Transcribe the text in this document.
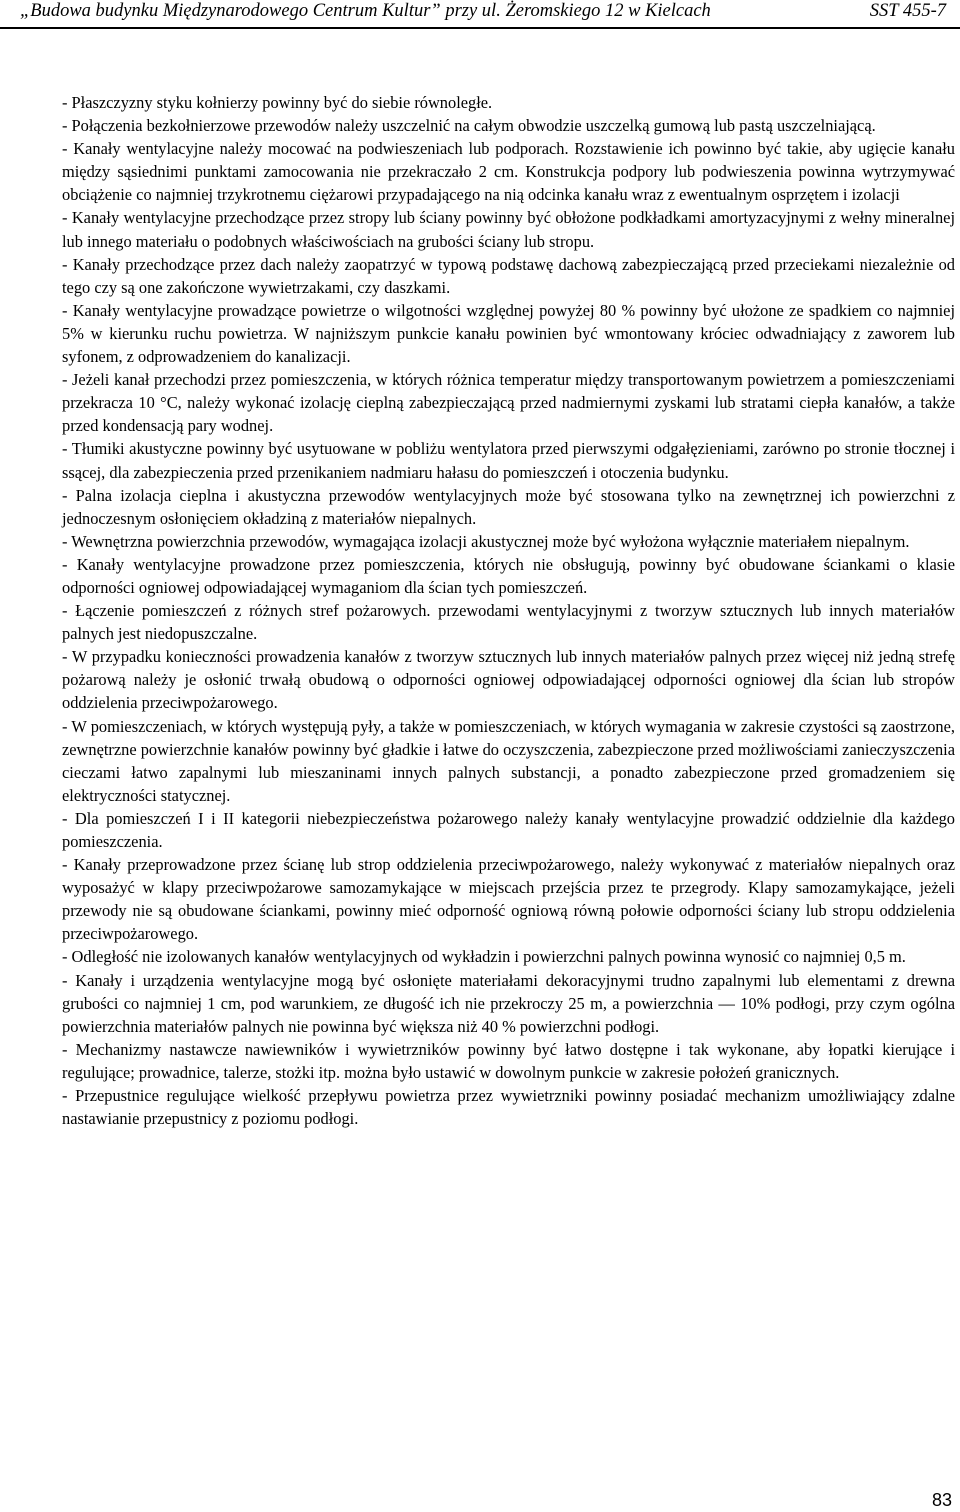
„Budowa budynku Międzynarodowego Centrum Kultur” przy ul. Żeromskiego 12 w Kielcach	SST 455-7

- Płaszczyzny styku kołnierzy powinny być do siebie równoległe.

- Połączenia bezkołnierzowe przewodów należy uszczelnić na całym obwodzie uszczelką gumową lub pastą uszczelniającą.

- Kanały wentylacyjne należy mocować na podwieszeniach lub podporach. Rozstawienie ich powinno być takie, aby ugięcie kanału między sąsiednimi punktami zamocowania nie przekraczało 2 cm. Konstrukcja podpory lub podwieszenia powinna wytrzymywać obciążenie co najmniej trzykrotnemu ciężarowi przypadającego na nią odcinka kanału wraz z ewentualnym osprzętem i izolacji

- Kanały wentylacyjne przechodzące przez stropy lub ściany powinny być obłożone podkładkami amortyzacyjnymi z wełny mineralnej lub innego materiału o podobnych właściwościach na grubości ściany lub stropu.

- Kanały przechodzące przez dach należy zaopatrzyć w typową podstawę dachową zabezpieczającą przed przeciekami niezależnie od tego czy są one zakończone wywietrzakami, czy daszkami.

- Kanały wentylacyjne prowadzące powietrze o wilgotności względnej powyżej 80 % powinny być ułożone ze spadkiem co najmniej 5% w kierunku ruchu powietrza. W najniższym punkcie kanału powinien być wmontowany króciec odwadniający z zaworem lub syfonem, z odprowadzeniem do kanalizacji.

- Jeżeli kanał przechodzi przez pomieszczenia, w których różnica temperatur między transportowanym powietrzem a pomieszczeniami przekracza 10 °C, należy wykonać izolację cieplną zabezpieczającą przed nadmiernymi zyskami lub stratami ciepła kanałów, a także przed kondensacją pary wodnej.

- Tłumiki akustyczne powinny być usytuowane w pobliżu wentylatora przed pierwszymi odgałęzieniami, zarówno po stronie tłocznej i ssącej, dla zabezpieczenia przed przenikaniem nadmiaru hałasu do pomieszczeń i otoczenia budynku.

- Palna izolacja cieplna i akustyczna przewodów wentylacyjnych może być stosowana tylko na zewnętrznej ich powierzchni z jednoczesnym osłonięciem okładziną z materiałów niepalnych.

- Wewnętrzna powierzchnia przewodów, wymagająca izolacji akustycznej może być wyłożona wyłącznie materiałem niepalnym.

- Kanały wentylacyjne prowadzone przez pomieszczenia, których nie obsługują, powinny być obudowane ściankami o klasie odporności ogniowej odpowiadającej wymaganiom dla ścian tych pomieszczeń.

- Łączenie pomieszczeń z różnych stref pożarowych. przewodami wentylacyjnymi z tworzyw sztucznych lub innych materiałów palnych jest niedopuszczalne.

- W przypadku konieczności prowadzenia kanałów z tworzyw sztucznych lub innych materiałów palnych przez więcej niż jedną strefę pożarową należy je osłonić trwałą obudową o odporności ogniowej odpowiadającej odporności ogniowej dla ścian lub stropów oddzielenia przeciwpożarowego.

- W pomieszczeniach, w których występują pyły, a także w pomieszczeniach, w których wymagania w zakresie czystości są zaostrzone, zewnętrzne powierzchnie kanałów powinny być gładkie i łatwe do oczyszczenia, zabezpieczone przed możliwościami zanieczyszczenia cieczami łatwo zapalnymi lub mieszaninami innych palnych substancji, a ponadto zabezpieczone przed gromadzeniem się elektryczności statycznej.

- Dla pomieszczeń I i II kategorii niebezpieczeństwa pożarowego należy kanały wentylacyjne prowadzić oddzielnie dla każdego pomieszczenia.

- Kanały przeprowadzone przez ścianę lub strop oddzielenia przeciwpożarowego, należy wykonywać z materiałów niepalnych oraz wyposażyć w klapy przeciwpożarowe samozamykające w miejscach przejścia przez te przegrody. Klapy samozamykające, jeżeli przewody nie są obudowane ściankami, powinny mieć odporność ogniową równą połowie odporności ściany lub stropu oddzielenia przeciwpożarowego.

- Odległość nie izolowanych kanałów wentylacyjnych od wykładzin i powierzchni palnych powinna wynosić co najmniej 0,5 m.

- Kanały i urządzenia wentylacyjne mogą być osłonięte materiałami dekoracyjnymi trudno zapalnymi lub elementami z drewna grubości co najmniej 1 cm, pod warunkiem, ze długość ich nie przekroczy 25 m, a powierzchnia — 10% podłogi, przy czym ogólna powierzchnia materiałów palnych nie powinna być większa niż 40 % powierzchni podłogi.

- Mechanizmy nastawcze nawiewników i wywietrzników powinny być łatwo dostępne i tak wykonane, aby łopatki kierujące i regulujące; prowadnice, talerze, stożki itp. można było ustawić w dowolnym punkcie w zakresie położeń granicznych.

- Przepustnice regulujące wielkość przepływu powietrza przez wywietrzniki powinny posiadać mechanizm umożliwiający zdalne nastawianie przepustnicy z poziomu podłogi.

83
